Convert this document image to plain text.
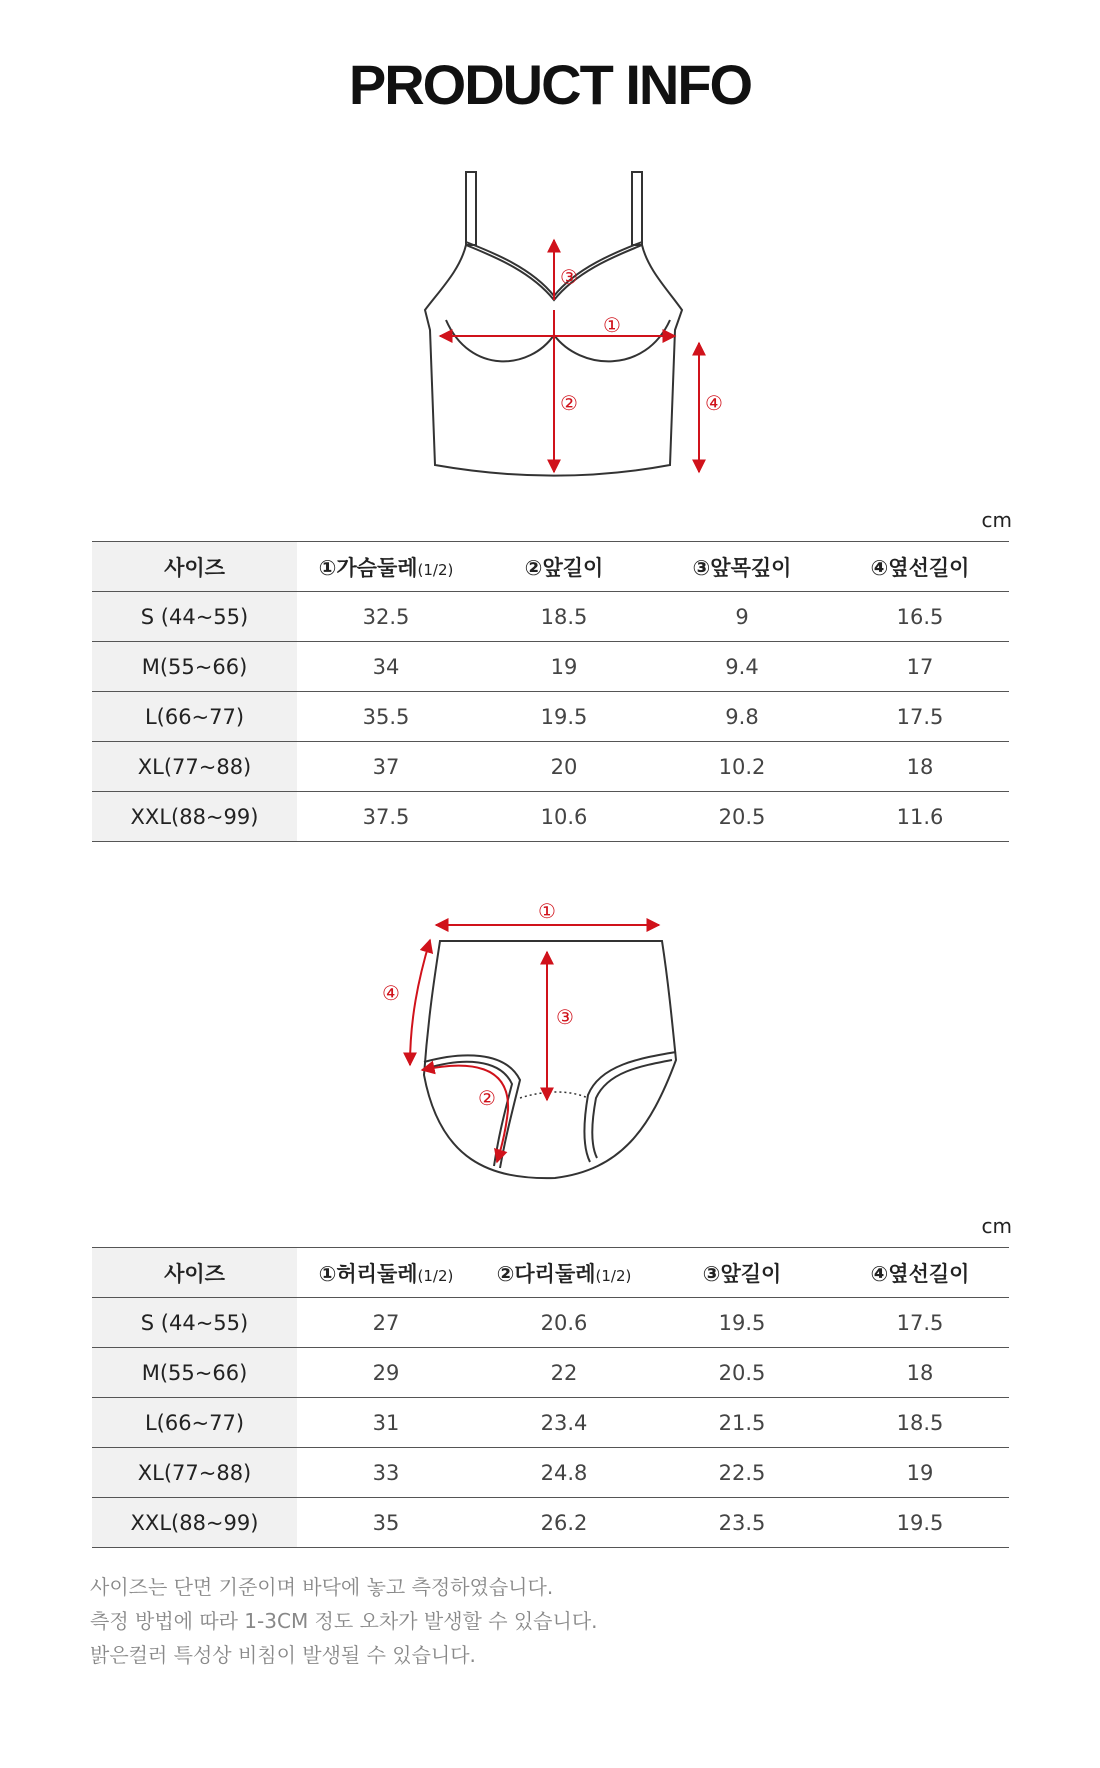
PRODUCT INFO
③
①
②	④
cm
사이즈	①가슴둘레(1/2)	②앞길이	③앞목깊이	④옆선길이
S (44~55)	32.5	18.5	9	16.5
M(55~66)	34	19	9.4	17
L(66~77)	35.5	19.5	9.8	17.5
XL(77~88)	37	20	10.2	18
XXL(88~99)	37.5	10.6	20.5	11.6
①
④
③
②
cm
사이즈	①허리둘레(1/2)	②다리둘레(1/2)	③앞길이	④옆선길이
S (44~55)	27	20.6	19.5	17.5
M(55~66)	29	22	20.5	18
L(66~77)	31	23.4	21.5	18.5
XL(77~88)	33	24.8	22.5	19
XXL(88~99)	35	26.2	23.5	19.5

사이즈는 단면 기준이며 바닥에 놓고 측정하였습니다.

측정 방법에 따라 1-3CM 정도 오차가 발생할 수 있습니다.

밝은컬러 특성상 비침이 발생될 수 있습니다.
